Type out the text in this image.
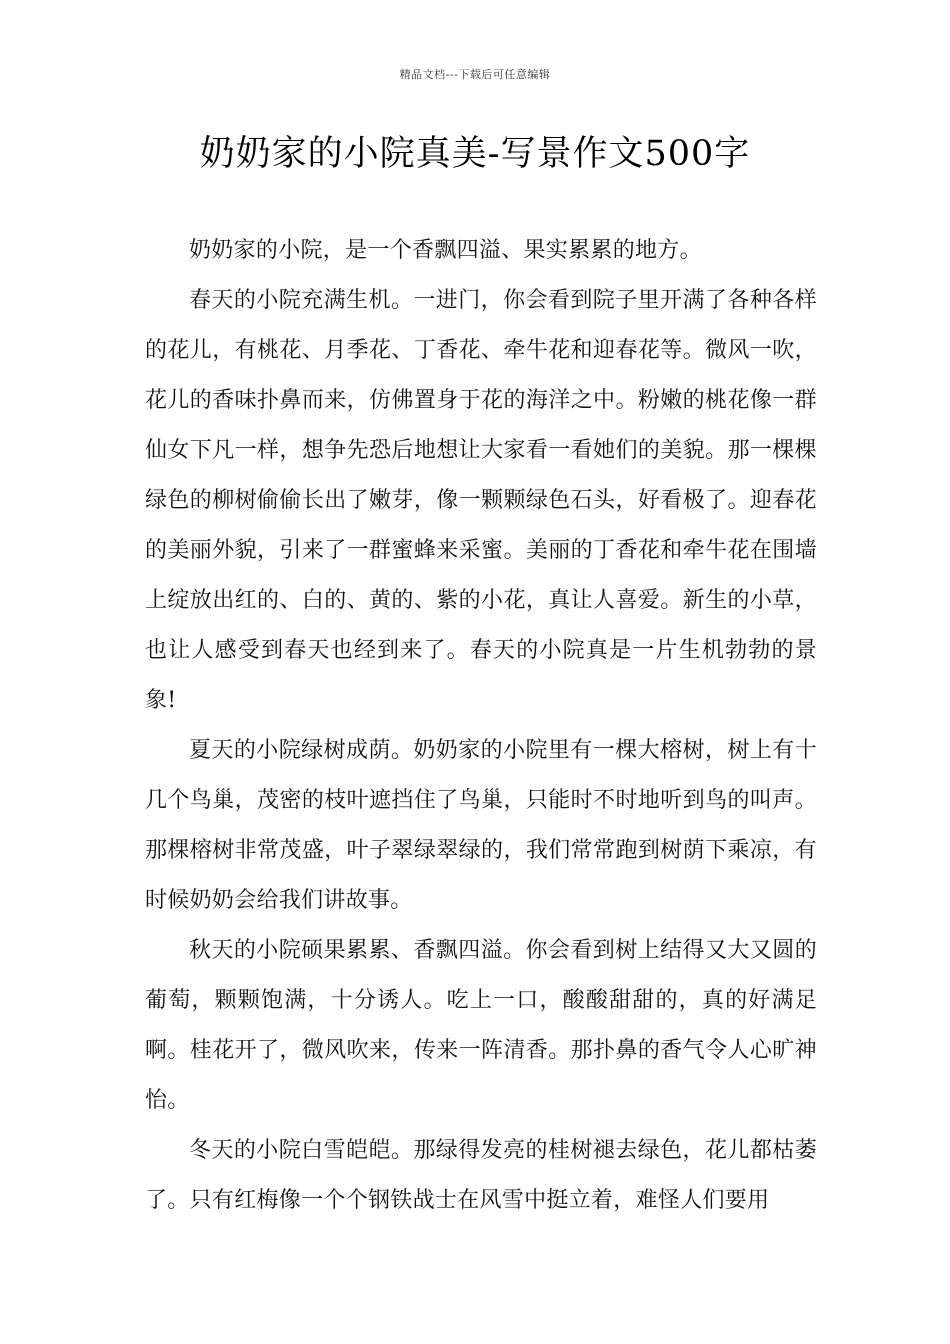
精品文档---下载后可任意编辑
奶奶家的小院真美-写景作文500字

奶奶家的小院，是一个香飘四溢、果实累累的地方。

春天的小院充满生机。一进门，你会看到院子里开满了各种各样的花儿，有桃花、月季花、丁香花、牵牛花和迎春花等。微风一吹，花儿的香味扑鼻而来，仿佛置身于花的海洋之中。粉嫩的桃花像一群仙女下凡一样，想争先恐后地想让大家看一看她们的美貌。那一棵棵绿色的柳树偷偷长出了嫩芽，像一颗颗绿色石头，好看极了。迎春花的美丽外貌，引来了一群蜜蜂来采蜜。美丽的丁香花和牵牛花在围墙上绽放出红的、白的、黄的、紫的小花，真让人喜爱。新生的小草，也让人感受到春天也经到来了。春天的小院真是一片生机勃勃的景象!

夏天的小院绿树成荫。奶奶家的小院里有一棵大榕树，树上有十几个鸟巢，茂密的枝叶遮挡住了鸟巢，只能时不时地听到鸟的叫声。那棵榕树非常茂盛，叶子翠绿翠绿的，我们常常跑到树荫下乘凉，有时候奶奶会给我们讲故事。

秋天的小院硕果累累、香飘四溢。你会看到树上结得又大又圆的葡萄，颗颗饱满，十分诱人。吃上一口，酸酸甜甜的，真的好满足啊。桂花开了，微风吹来，传来一阵清香。那扑鼻的香气令人心旷神怡。

冬天的小院白雪皑皑。那绿得发亮的桂树褪去绿色，花儿都枯萎了。只有红梅像一个个钢铁战士在风雪中挺立着，难怪人们要用
